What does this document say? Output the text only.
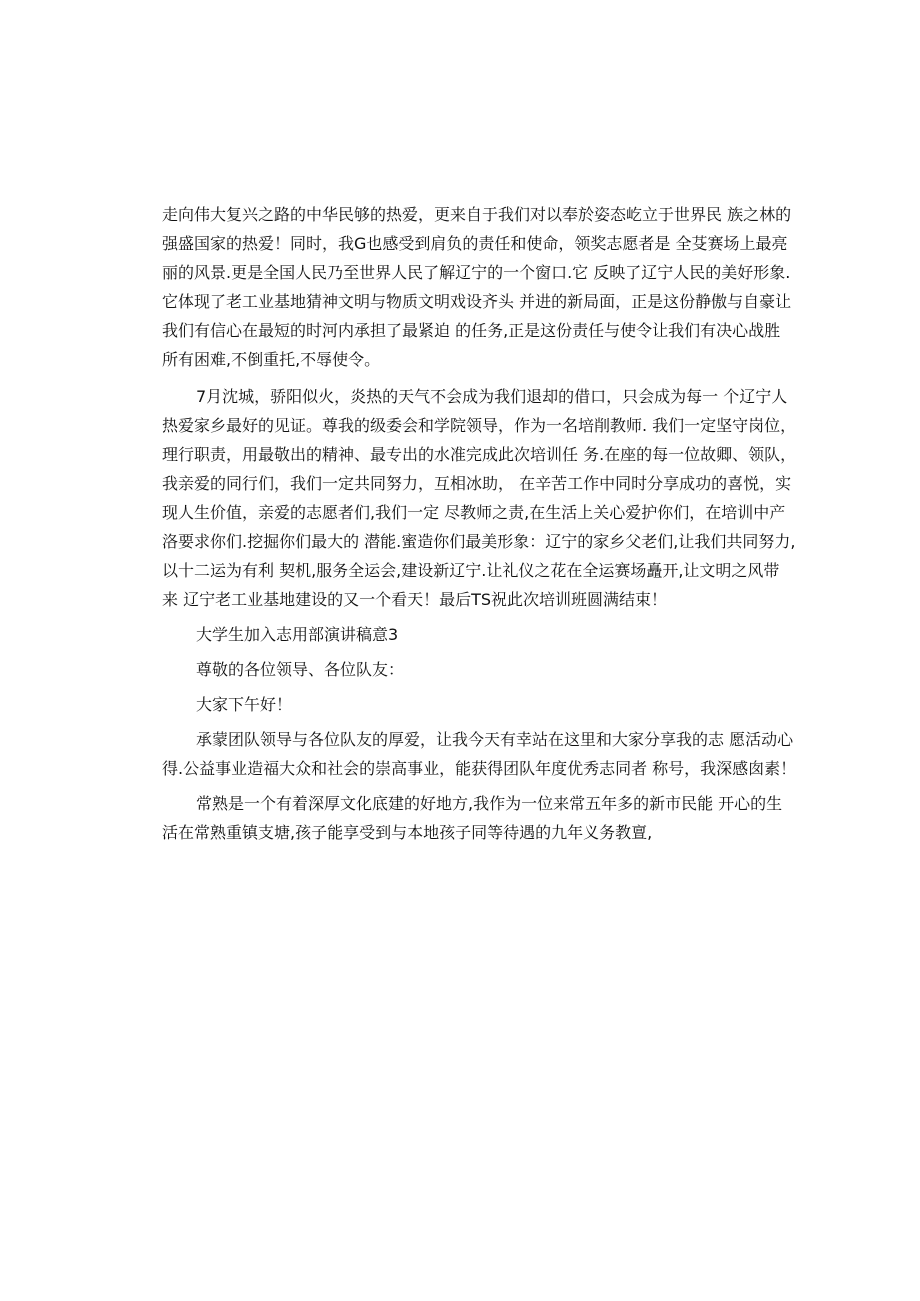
走向伟大复兴之路的中华民够的热爱，更来自于我们对以奉於姿态屹立于世界民 族之林的
强盛国家的热爱！同时，我G也感受到肩负的责任和使命，领奖志愿者是 全芟赛场上最亮
丽的风景.更是全国人民乃至世界人民了解辽宁的一个窗口.它 反映了辽宁人民的美好形象.
它体现了老工业基地猜神文明与物质文明戏设齐头 并进的新局面，正是这份静傲与自豪让
我们有信心在最短的时河内承担了最紧迫 的任务,正是这份责任与使令让我们有决心战胜
所有困难,不倒重托,不辱使令。
7月沈城，骄阳似火，炎热的天气不会成为我们退却的借口，只会成为每一 个辽宁人
热爱家乡最好的见证。尊我的级委会和学院领导，作为一名培削教师. 我们一定坚守岗位，
理行职责，用最敬出的精神、最专出的水准完成此次培训任 务.在座的每一位故卿、领队，
我亲爱的同行们，我们一定共同努力，互相冰助， 在辛苦工作中同时分享成功的喜悦，实
现人生价值，亲爱的志愿者们,我们一定 尽教师之责,在生活上关心爱护你们，在培训中产
洛要求你们.挖掘你们最大的 潜能.蜜造你们最美形象：辽宁的家乡父老们,让我们共同努力,
以十二运为有利 契机,服务全运会,建设新辽宁.让礼仪之花在全运赛场矗开,让文明之风带
来 辽宁老工业基地建设的又一个看天！最后TS祝此次培训班圆满结束！
大学生加入志用部演讲稿意3
尊敬的各位领导、各位队友：
大家下午好！
承蒙团队领导与各位队友的厚爱，让我今天有幸站在这里和大家分享我的志 愿活动心
得.公益事业造福大众和社会的崇高事业，能获得团队年度优秀志同者 称号，我深感囱素！
常熟是一个有着深厚文化底建的好地方,我作为一位来常五年多的新市民能 开心的生
活在常熟重镇支塘,孩子能享受到与本地孩子同等待遇的九年义务教亶,
